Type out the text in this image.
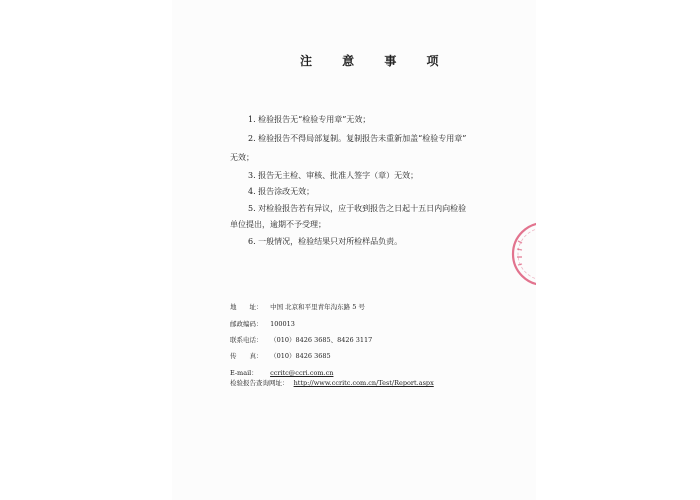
注 意 事 项
1. 检验报告无“检验专用章”无效；
2. 检验报告不得局部复制。复制报告未重新加盖“检验专用章”
无效；
3. 报告无主检、审核、批准人签字（章）无效；
4. 报告涂改无效；
5. 对检验报告若有异议，应于收到报告之日起十五日内向检验
单位提出，逾期不予受理；
6. 一般情况，检验结果只对所检样品负责。
地　　址： 中国 北京和平里青年沟东路 5 号
邮政编码： 100013
联系电话： （010）8426 3685、8426 3117
传　　真： （010）8426 3685
E-mail： ccritc@ccri.com.cn
检验报告查询网址： http://www.ccritc.com.cn/Test/Report.aspx
